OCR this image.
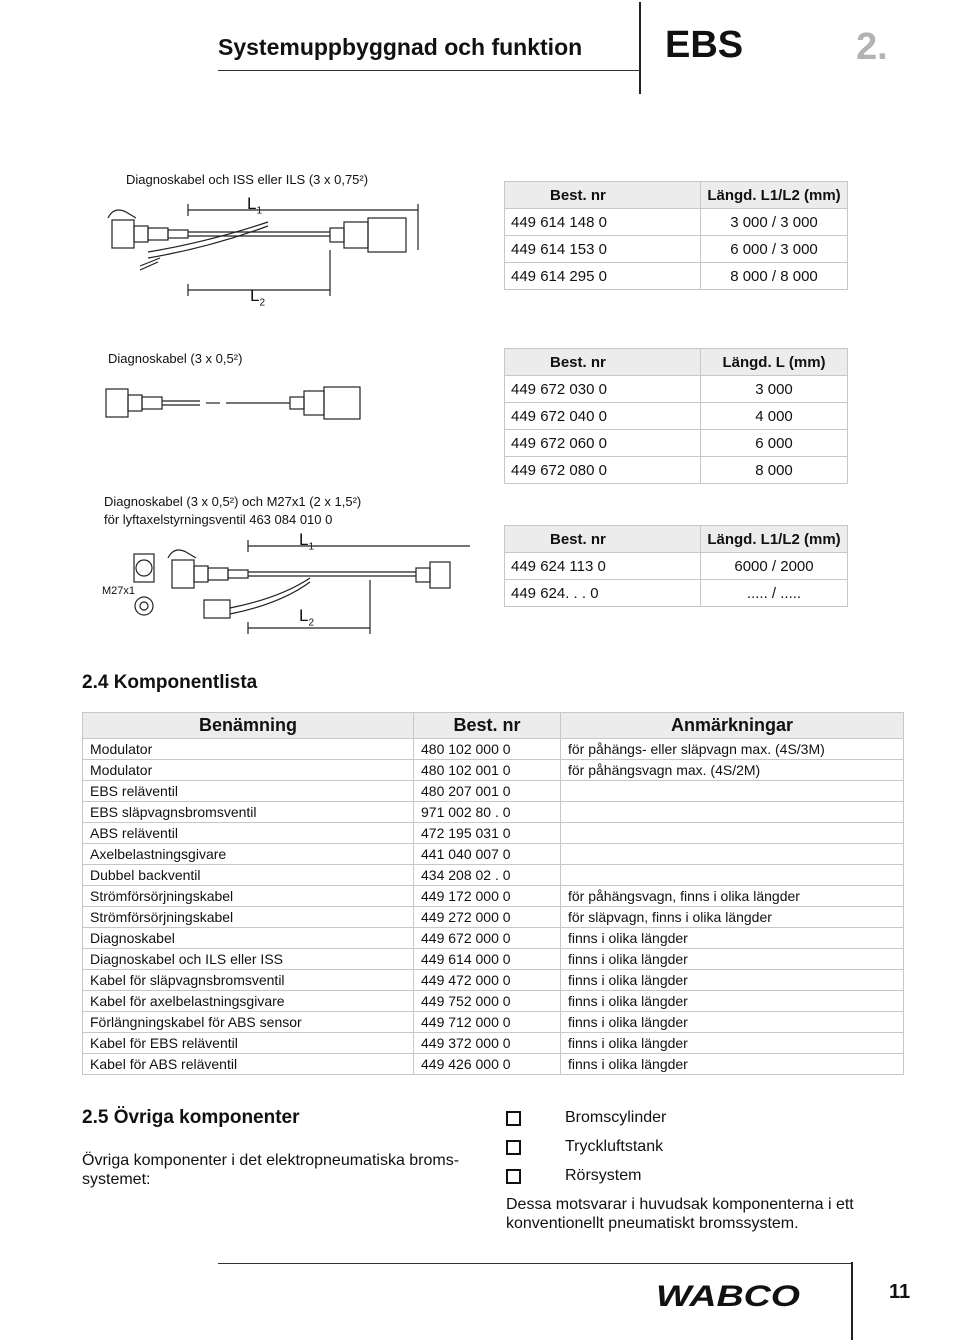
Systemuppbyggnad och funktion EBS	2.
Diagnoskabel och ISS eller ILS (3 x 0,75²)
$L_1$
$L_2$
Best. nr	Längd. L1/L2 (mm)
449 614 148 0	3 000 / 3 000
449 614 153 0	6 000 / 3 000
449 614 295 0	8 000 / 8 000
Diagnoskabel (3 x 0,5²)	Best. nr	Längd. L (mm)
449 672 030 0	3 000
449 672 040 0	4 000
449 672 060 0	6 000
449 672 080 0	8 000
Diagnoskabel (3 x 0,5²) och M27x1 (2 x 1,5²)
för lyftaxelstyrningsventil 463 084 010 0
M27x1
$L_1$
$L_2$
Best. nr	Längd. L1/L2 (mm)
449 624 113 0	6000 / 2000
449 624. . . 0	..... / .....
2.4 Komponentlista
Benämning	Best. nr	Anmärkningar
Modulator	480 102 000 0	för påhängs- eller släpvagn max. (4S/3M)
Modulator	480 102 001 0	för påhängsvagn max. (4S/2M)
EBS reläventil	480 207 001 0	
EBS släpvagnsbromsventil	971 002 80 . 0	
ABS reläventil	472 195 031 0	
Axelbelastningsgivare	441 040 007 0	
Dubbel backventil	434 208 02 . 0	
Strömförsörjningskabel	449 172 000 0	för påhängsvagn, finns i olika längder
Strömförsörjningskabel	449 272 000 0	för släpvagn, finns i olika längder
Diagnoskabel	449 672 000 0	finns i olika längder
Diagnoskabel och ILS eller ISS	449 614 000 0	finns i olika längder
Kabel för släpvagnsbromsventil	449 472 000 0	finns i olika längder
Kabel för axelbelastningsgivare	449 752 000 0	finns i olika längder
Förlängningskabel för ABS sensor	449 712 000 0	finns i olika längder
Kabel för EBS reläventil	449 372 000 0	finns i olika längder
Kabel för ABS reläventil	449 426 000 0	finns i olika längder
2.5 Övriga komponenter
Övriga komponenter i det elektropneumatiska broms-
systemet:
Bromscylinder
Tryckluftstank
Rörsystem
Dessa motsvarar i huvudsak komponenterna i ett
konventionellt pneumatiskt bromssystem.
WABCO	11
